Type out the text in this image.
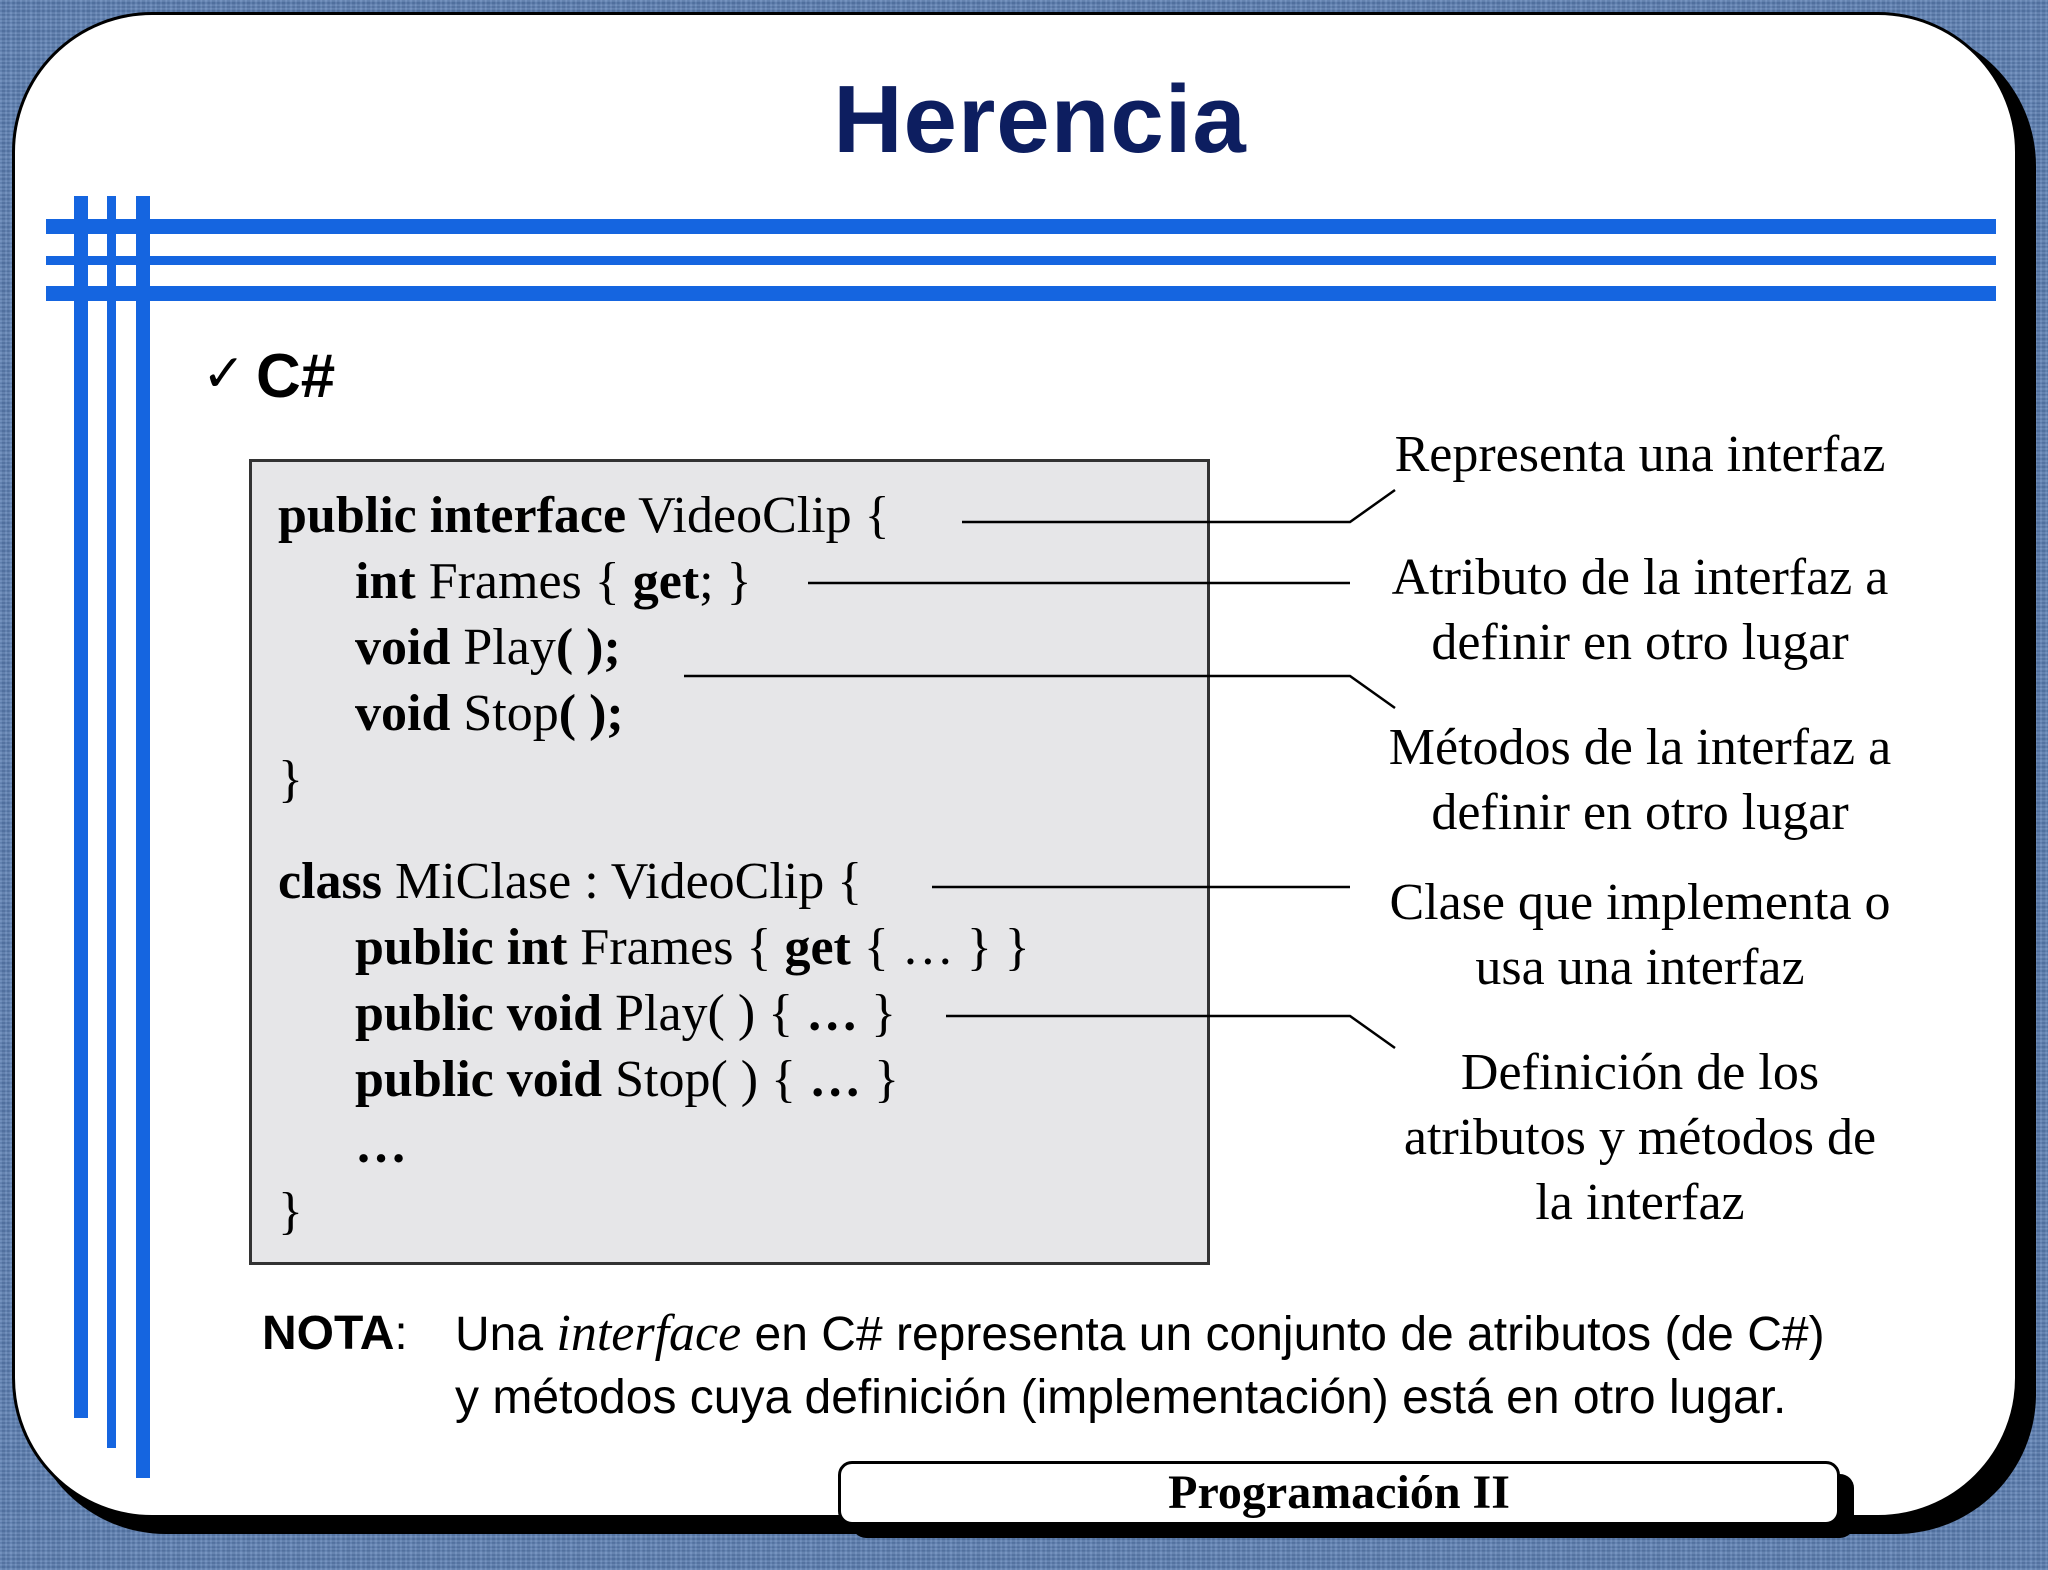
Herencia
✓ C#
public interface VideoClip {
int Frames { get; }
void Play( );
void Stop( );
}
class MiClase : VideoClip {
public int Frames { get { … } }
public void Play( ) { … }
public void Stop( ) { … }
…
}
Representa una interfaz
Atributo de la interfaz a
definir en otro lugar
Métodos de la interfaz a
definir en otro lugar
Clase que implementa o
usa una interfaz
Definición de los
atributos y métodos de
la interfaz
NOTA: Una interface en C# representa un conjunto de atributos (de C#)
y métodos cuya definición (implementación) está en otro lugar.
Programación II
